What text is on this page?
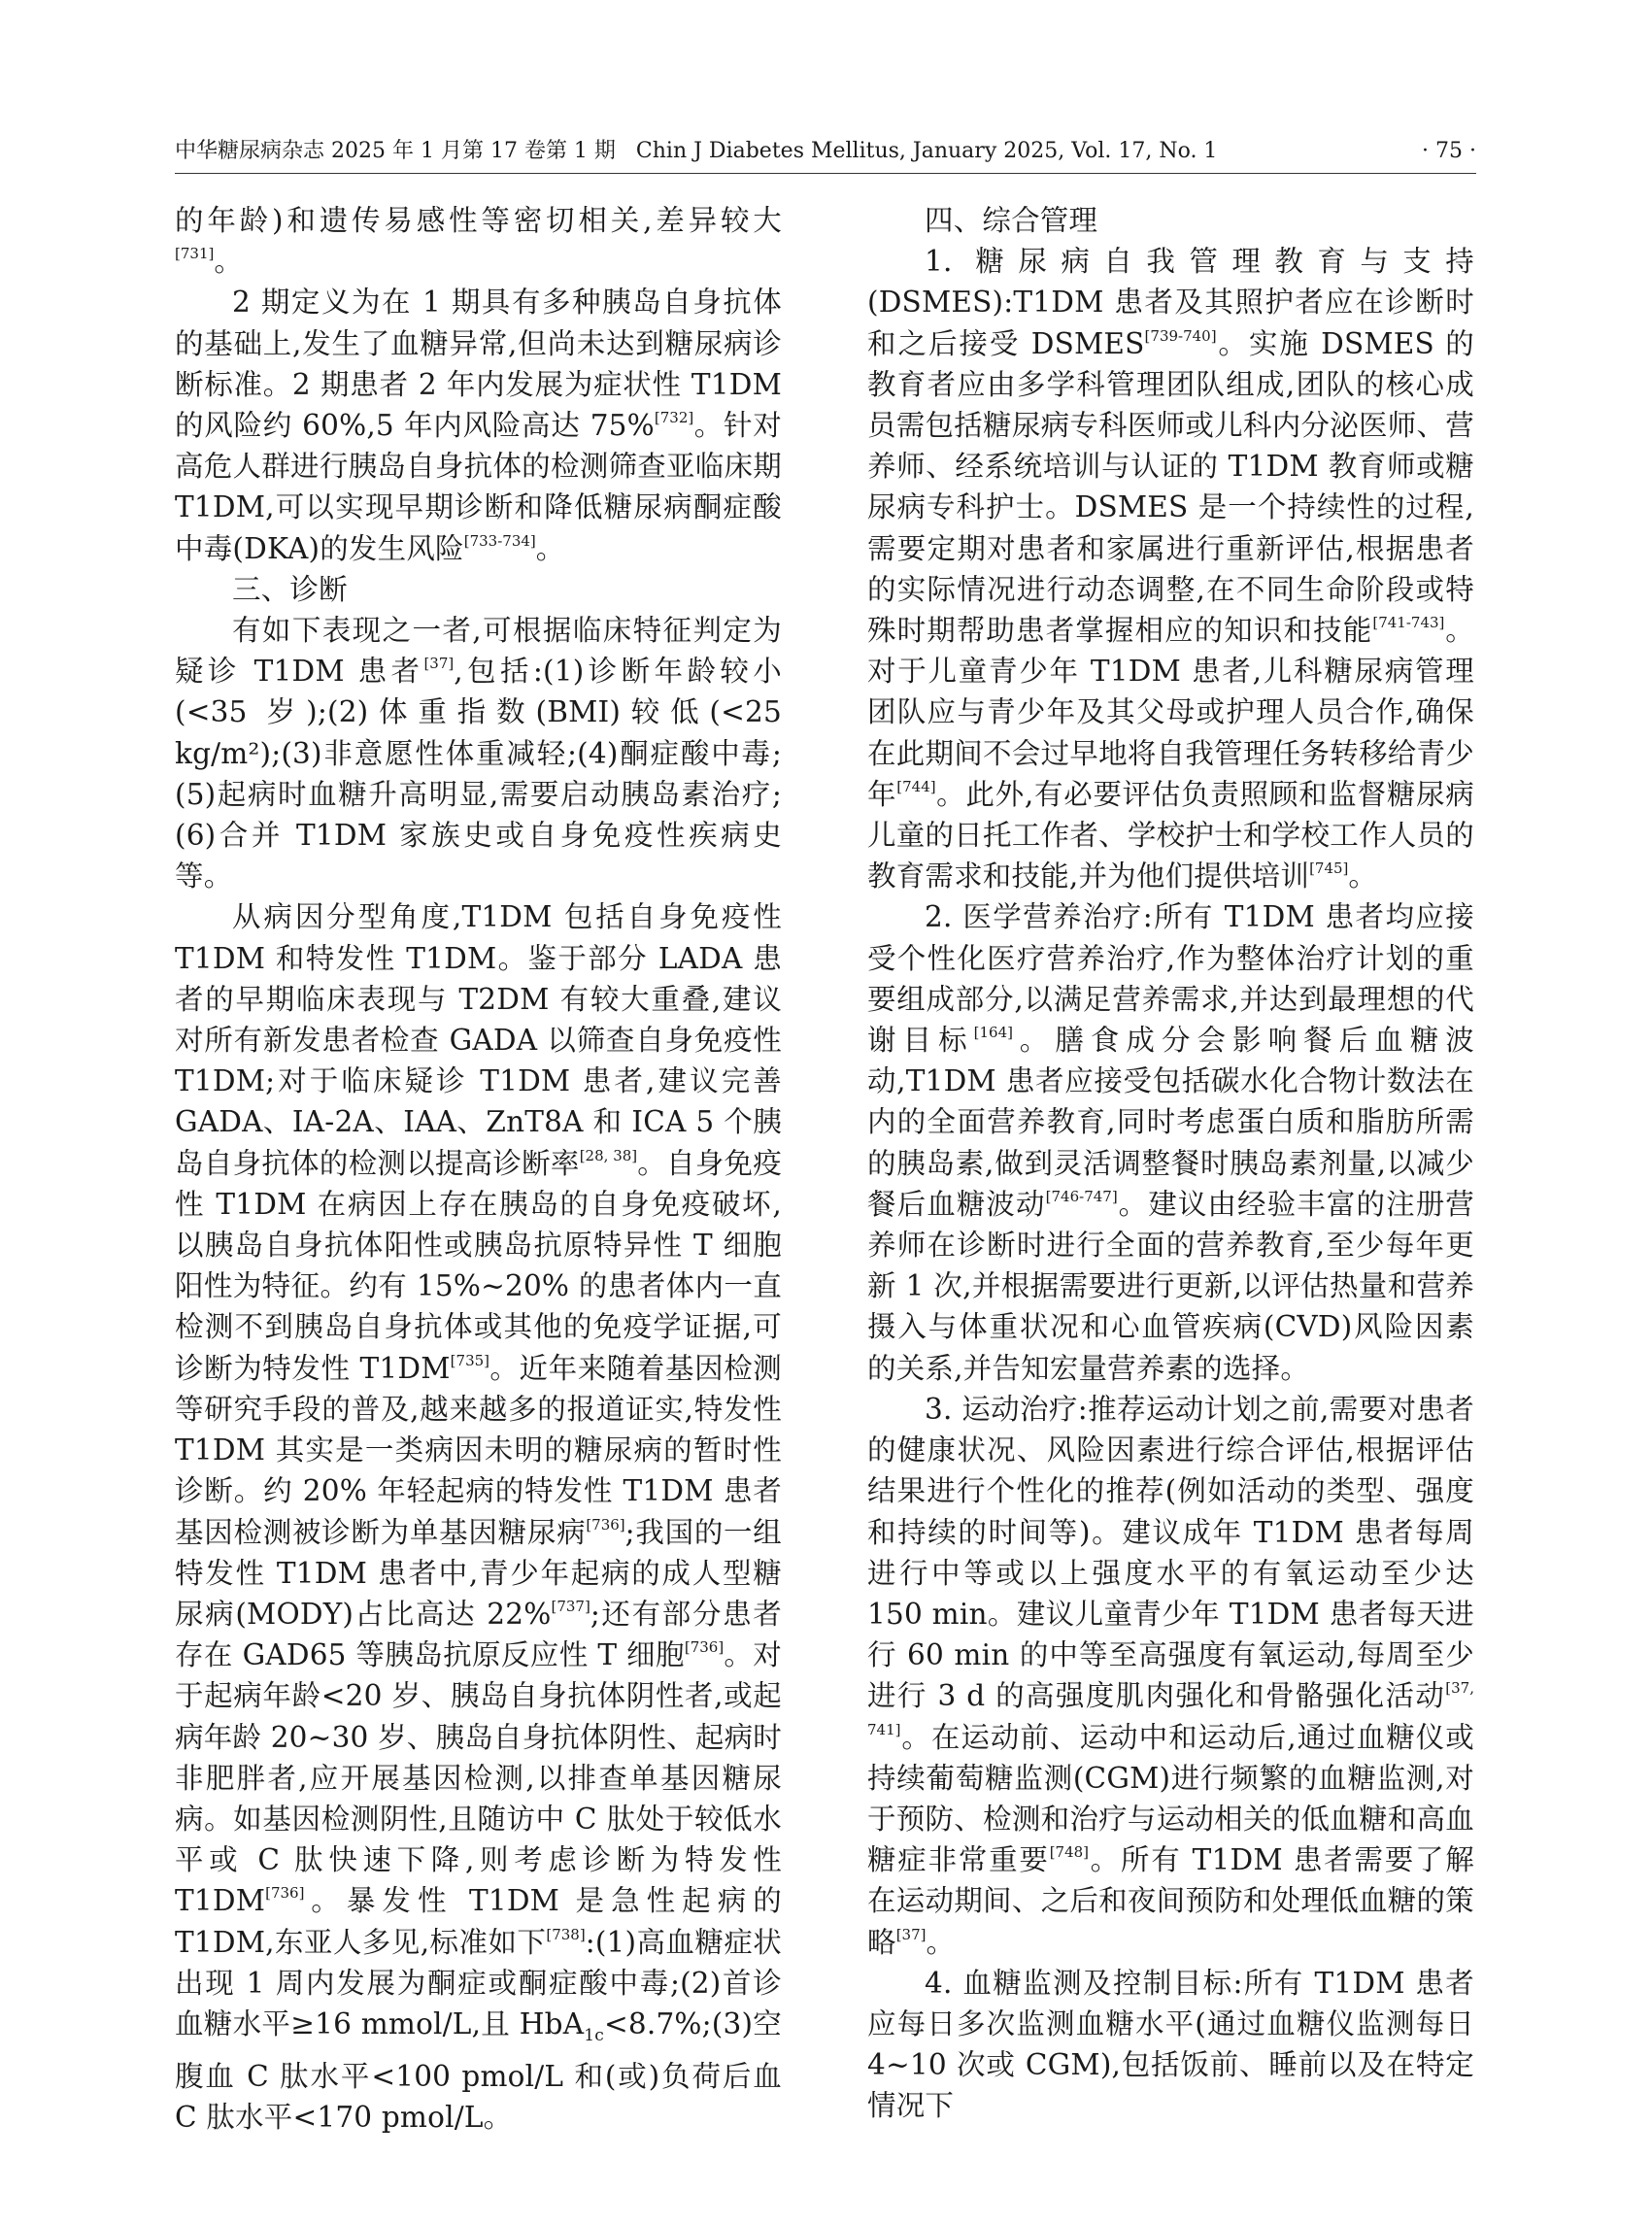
中华糖尿病杂志 2025 年 1 月第 17 卷第 1 期 Chin J Diabetes Mellitus, January 2025, Vol. 17, No. 1	· 75 ·

的年龄)和遗传易感性等密切相关,差异较大[731]。

2 期定义为在 1 期具有多种胰岛自身抗体的基础上,发生了血糖异常,但尚未达到糖尿病诊断标准。2 期患者 2 年内发展为症状性 T1DM 的风险约 60%,5 年内风险高达 75%[732]。针对高危人群进行胰岛自身抗体的检测筛查亚临床期 T1DM,可以实现早期诊断和降低糖尿病酮症酸中毒(DKA)的发生风险[733-734]。

三、诊断

有如下表现之一者,可根据临床特征判定为疑诊 T1DM 患者[37],包括:(1)诊断年龄较小(<35 岁);(2)体重指数(BMI)较低(<25 kg/m²);(3)非意愿性体重减轻;(4)酮症酸中毒;(5)起病时血糖升高明显,需要启动胰岛素治疗;(6)合并 T1DM 家族史或自身免疫性疾病史等。

从病因分型角度,T1DM 包括自身免疫性 T1DM 和特发性 T1DM。鉴于部分 LADA 患者的早期临床表现与 T2DM 有较大重叠,建议对所有新发患者检查 GADA 以筛查自身免疫性 T1DM;对于临床疑诊 T1DM 患者,建议完善 GADA、IA-2A、IAA、ZnT8A 和 ICA 5 个胰岛自身抗体的检测以提高诊断率[28, 38]。自身免疫性 T1DM 在病因上存在胰岛的自身免疫破坏,以胰岛自身抗体阳性或胰岛抗原特异性 T 细胞阳性为特征。约有 15%~20% 的患者体内一直检测不到胰岛自身抗体或其他的免疫学证据,可诊断为特发性 T1DM[735]。近年来随着基因检测等研究手段的普及,越来越多的报道证实,特发性 T1DM 其实是一类病因未明的糖尿病的暂时性诊断。约 20% 年轻起病的特发性 T1DM 患者基因检测被诊断为单基因糖尿病[736];我国的一组特发性 T1DM 患者中,青少年起病的成人型糖尿病(MODY)占比高达 22%[737];还有部分患者存在 GAD65 等胰岛抗原反应性 T 细胞[736]。对于起病年龄<20 岁、胰岛自身抗体阴性者,或起病年龄 20~30 岁、胰岛自身抗体阴性、起病时非肥胖者,应开展基因检测,以排查单基因糖尿病。如基因检测阴性,且随访中 C 肽处于较低水平或 C 肽快速下降,则考虑诊断为特发性 T1DM[736]。暴发性 T1DM 是急性起病的 T1DM,东亚人多见,标准如下[738]:(1)高血糖症状出现 1 周内发展为酮症或酮症酸中毒;(2)首诊血糖水平≥16 mmol/L,且 HbA$_{1c}$<8.7%;(3)空腹血 C 肽水平<100 pmol/L 和(或)负荷后血 C 肽水平<170 pmol/L。

四、综合管理

1. 糖尿病自我管理教育与支持(DSMES):T1DM 患者及其照护者应在诊断时和之后接受 DSMES[739-740]。实施 DSMES 的教育者应由多学科管理团队组成,团队的核心成员需包括糖尿病专科医师或儿科内分泌医师、营养师、经系统培训与认证的 T1DM 教育师或糖尿病专科护士。DSMES 是一个持续性的过程,需要定期对患者和家属进行重新评估,根据患者的实际情况进行动态调整,在不同生命阶段或特殊时期帮助患者掌握相应的知识和技能[741-743]。对于儿童青少年 T1DM 患者,儿科糖尿病管理团队应与青少年及其父母或护理人员合作,确保在此期间不会过早地将自我管理任务转移给青少年[744]。此外,有必要评估负责照顾和监督糖尿病儿童的日托工作者、学校护士和学校工作人员的教育需求和技能,并为他们提供培训[745]。

2. 医学营养治疗:所有 T1DM 患者均应接受个性化医疗营养治疗,作为整体治疗计划的重要组成部分,以满足营养需求,并达到最理想的代谢目标[164]。膳食成分会影响餐后血糖波动,T1DM 患者应接受包括碳水化合物计数法在内的全面营养教育,同时考虑蛋白质和脂肪所需的胰岛素,做到灵活调整餐时胰岛素剂量,以减少餐后血糖波动[746-747]。建议由经验丰富的注册营养师在诊断时进行全面的营养教育,至少每年更新 1 次,并根据需要进行更新,以评估热量和营养摄入与体重状况和心血管疾病(CVD)风险因素的关系,并告知宏量营养素的选择。

3. 运动治疗:推荐运动计划之前,需要对患者的健康状况、风险因素进行综合评估,根据评估结果进行个性化的推荐(例如活动的类型、强度和持续的时间等)。建议成年 T1DM 患者每周进行中等或以上强度水平的有氧运动至少达 150 min。建议儿童青少年 T1DM 患者每天进行 60 min 的中等至高强度有氧运动,每周至少进行 3 d 的高强度肌肉强化和骨骼强化活动[37, 741]。在运动前、运动中和运动后,通过血糖仪或持续葡萄糖监测(CGM)进行频繁的血糖监测,对于预防、检测和治疗与运动相关的低血糖和高血糖症非常重要[748]。所有 T1DM 患者需要了解在运动期间、之后和夜间预防和处理低血糖的策略[37]。

4. 血糖监测及控制目标:所有 T1DM 患者应每日多次监测血糖水平(通过血糖仪监测每日 4~10 次或 CGM),包括饭前、睡前以及在特定情况下
